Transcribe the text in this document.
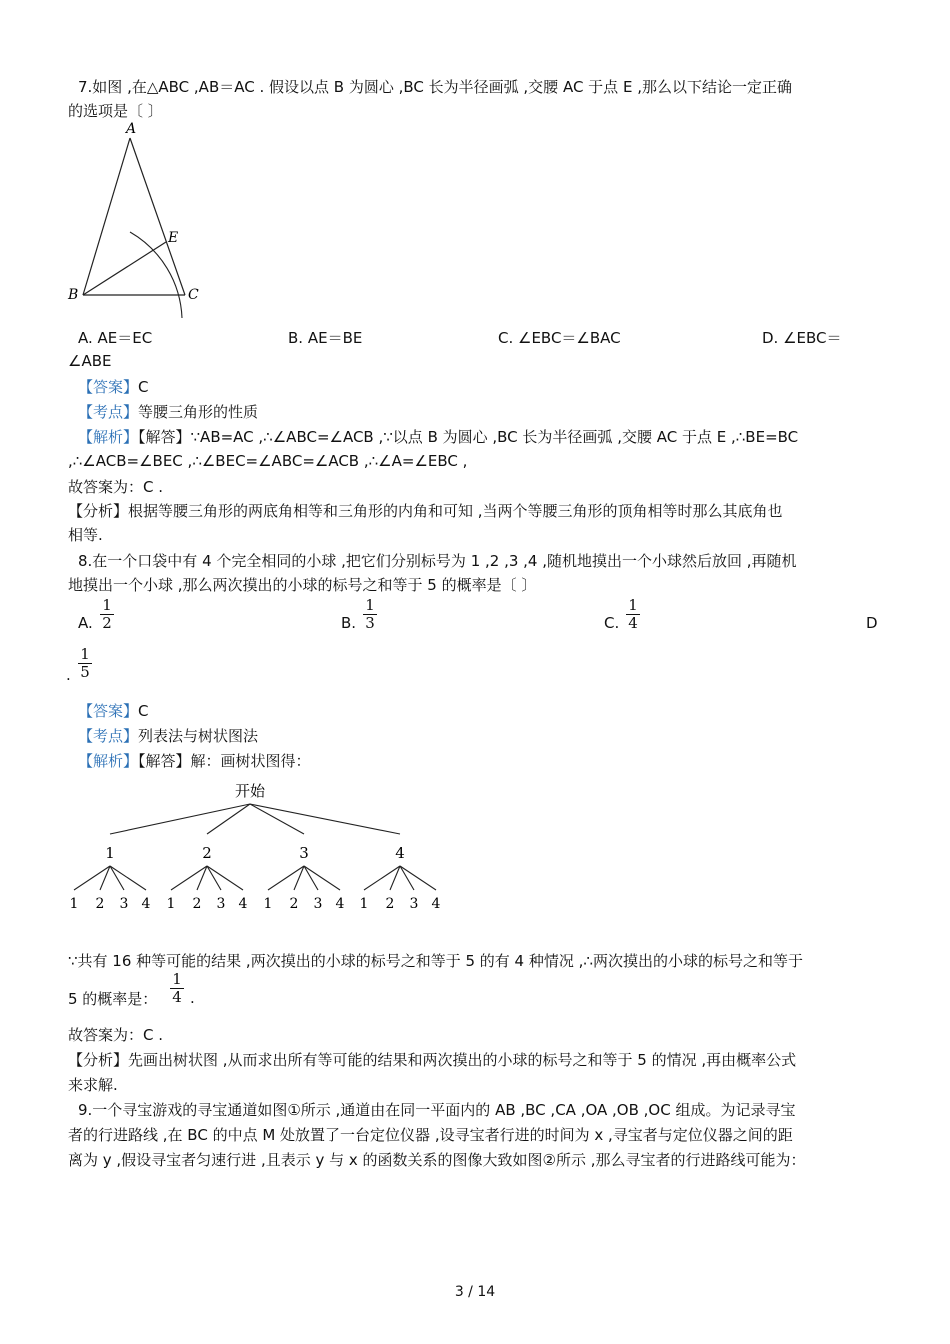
7.如图 ,在△ABC ,AB＝AC . 假设以点 B 为圆心 ,BC 长为半径画弧 ,交腰 AC 于点 E ,那么以下结论一定正确
的选项是〔 〕
A
B	C
E
A. AE＝EC	B. AE＝BE	C. ∠EBC＝∠BAC	D. ∠EBC＝
∠ABE
【答案】C
【考点】等腰三角形的性质
【解析】【解答】∵AB=AC ,∴∠ABC=∠ACB ,∵以点 B 为圆心 ,BC 长为半径画弧 ,交腰 AC 于点 E ,∴BE=BC
,∴∠ACB=∠BEC ,∴∠BEC=∠ABC=∠ACB ,∴∠A=∠EBC ,
故答案为：C .
【分析】根据等腰三角形的两底角相等和三角形的内角和可知 ,当两个等腰三角形的顶角相等时那么其底角也
相等.
8.在一个口袋中有 4 个完全相同的小球 ,把它们分别标号为 1 ,2 ,3 ,4 ,随机地摸出一个小球然后放回 ,再随机
地摸出一个小球 ,那么两次摸出的小球的标号之和等于 5 的概率是〔 〕
A.
1
2	B.
1
3	C.
1
4	D
.
1
5
【答案】C
【考点】列表法与树状图法
【解析】【解答】解：画树状图得：
开始
1	2	3	4
1 2 3 4 1 2 3 4 1 2 3 4 1 2 3 4
∵共有 16 种等可能的结果 ,两次摸出的小球的标号之和等于 5 的有 4 种情况 ,∴两次摸出的小球的标号之和等于
5 的概率是：
1
4 .
故答案为：C .
【分析】先画出树状图 ,从而求出所有等可能的结果和两次摸出的小球的标号之和等于 5 的情况 ,再由概率公式
来求解.
9.一个寻宝游戏的寻宝通道如图①所示 ,通道由在同一平面内的 AB ,BC ,CA ,OA ,OB ,OC 组成。为记录寻宝
者的行进路线 ,在 BC 的中点 M 处放置了一台定位仪器 ,设寻宝者行进的时间为 x ,寻宝者与定位仪器之间的距
离为 y ,假设寻宝者匀速行进 ,且表示 y 与 x 的函数关系的图像大致如图②所示 ,那么寻宝者的行进路线可能为：
3 / 14
